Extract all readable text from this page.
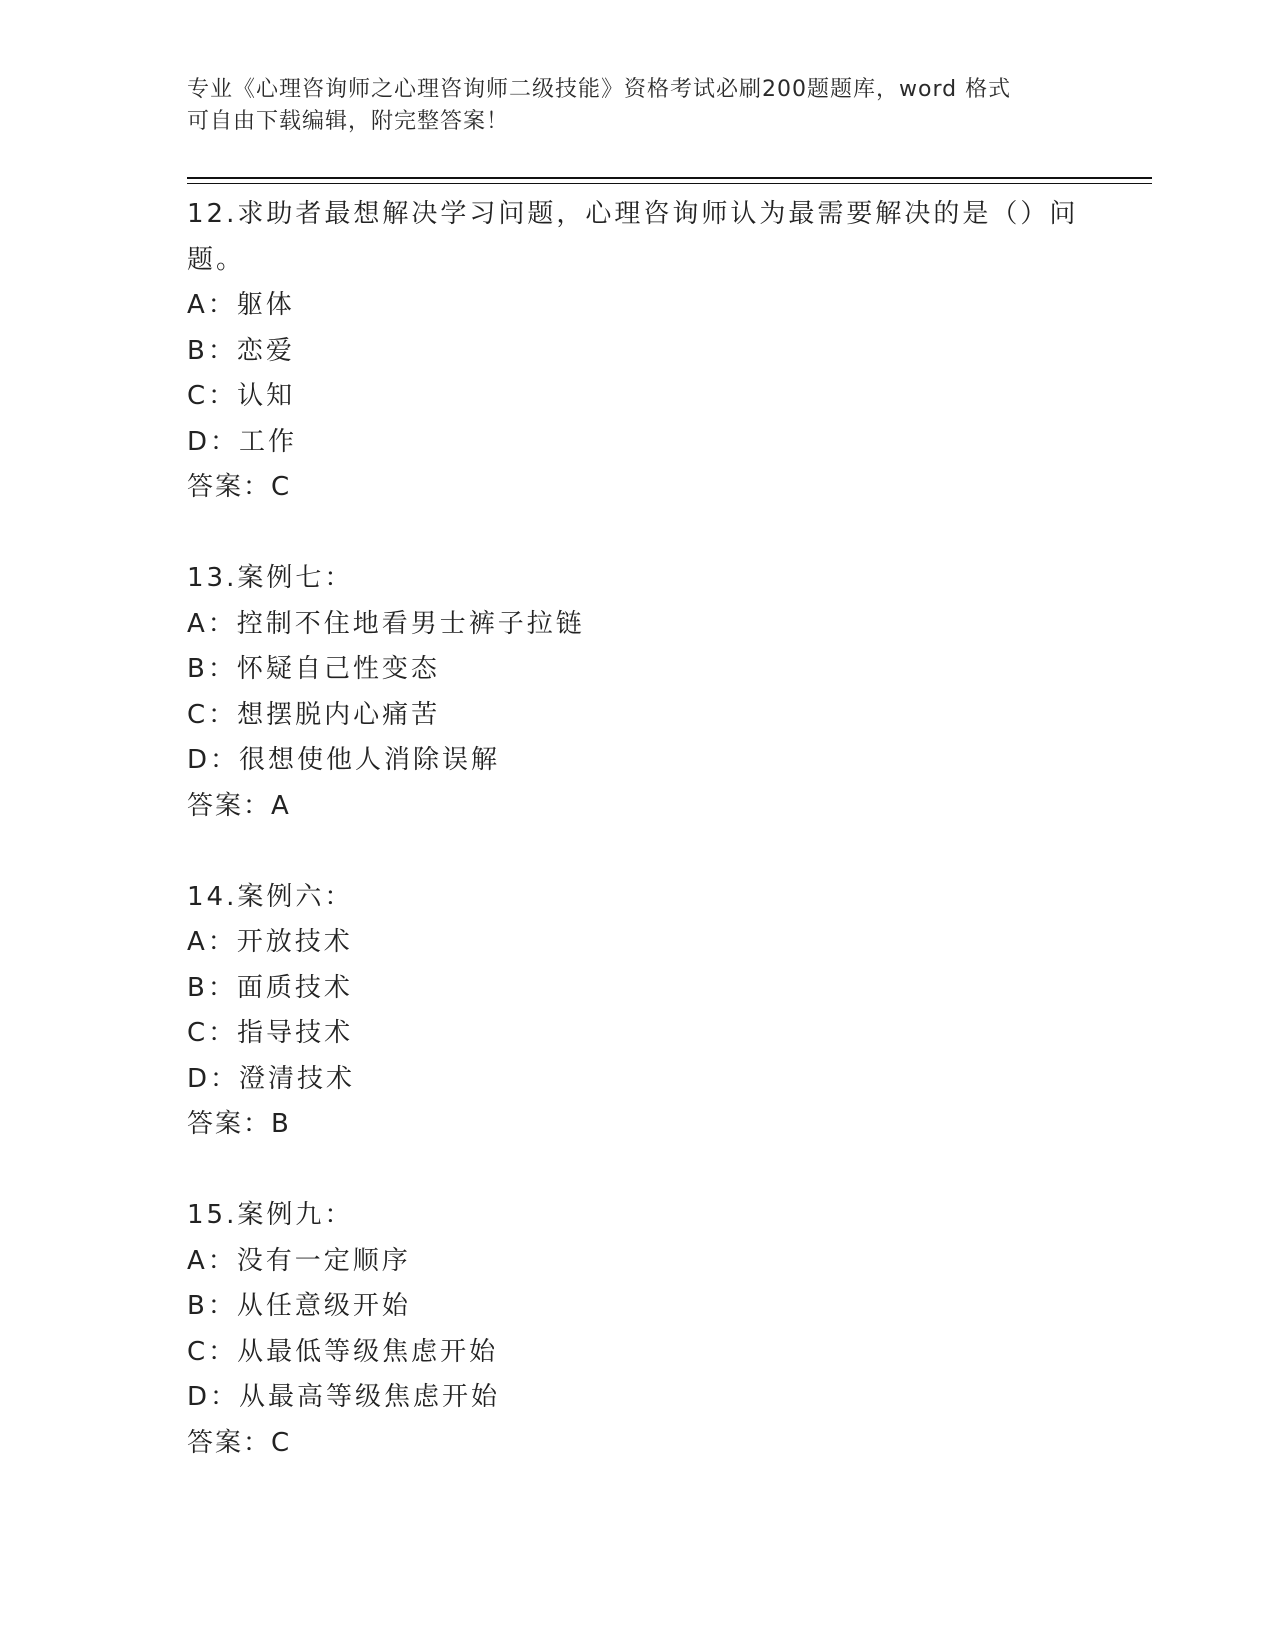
专业《心理咨询师之心理咨询师二级技能》资格考试必刷200题题库，word 格式
可自由下载编辑，附完整答案！
12.求助者最想解决学习问题，心理咨询师认为最需要解决的是（）问题。
A：躯体
B：恋爱
C：认知
D：工作
答案：C
13.案例七：
A：控制不住地看男士裤子拉链
B：怀疑自己性变态
C：想摆脱内心痛苦
D：很想使他人消除误解
答案：A
14.案例六：
A：开放技术
B：面质技术
C：指导技术
D：澄清技术
答案：B
15.案例九：
A：没有一定顺序
B：从任意级开始
C：从最低等级焦虑开始
D：从最高等级焦虑开始
答案：C
